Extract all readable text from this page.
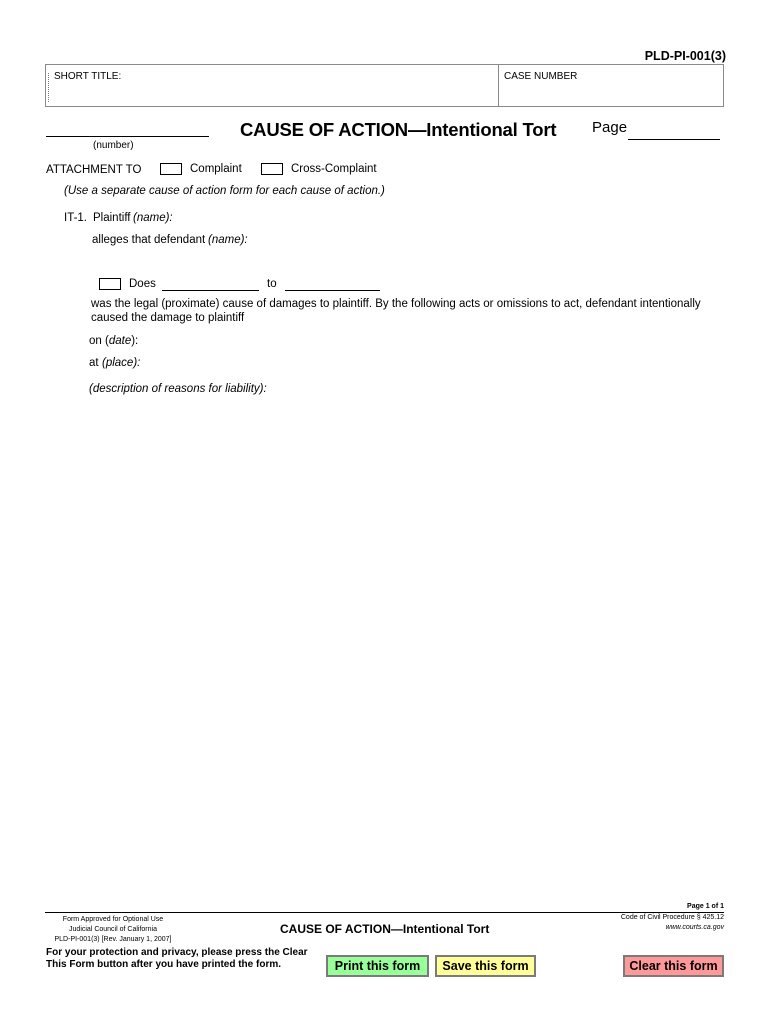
PLD-PI-001(3)
SHORT TITLE:	CASE NUMBER
(number)
CAUSE OF ACTION—Intentional Tort Page
ATTACHMENT TO	Complaint	Cross-Complaint
(Use a separate cause of action form for each cause of action.)
IT-1. Plaintiff (name):
alleges that defendant (name):
Does	to
was the legal (proximate) cause of damages to plaintiff. By the following acts or omissions to act, defendant intentionally
caused the damage to plaintiff
on (date):
at (place):
(description of reasons for liability):
Page 1 of 1
Form Approved for Optional Use
Judicial Council of California
PLD-PI-001(3) [Rev. January 1, 2007]
CAUSE OF ACTION—Intentional Tort
Code of Civil Procedure § 425.12
www.courts.ca.gov
For your protection and privacy, please press the Clear
This Form button after you have printed the form.	Print this form	Save this form	Clear this form
